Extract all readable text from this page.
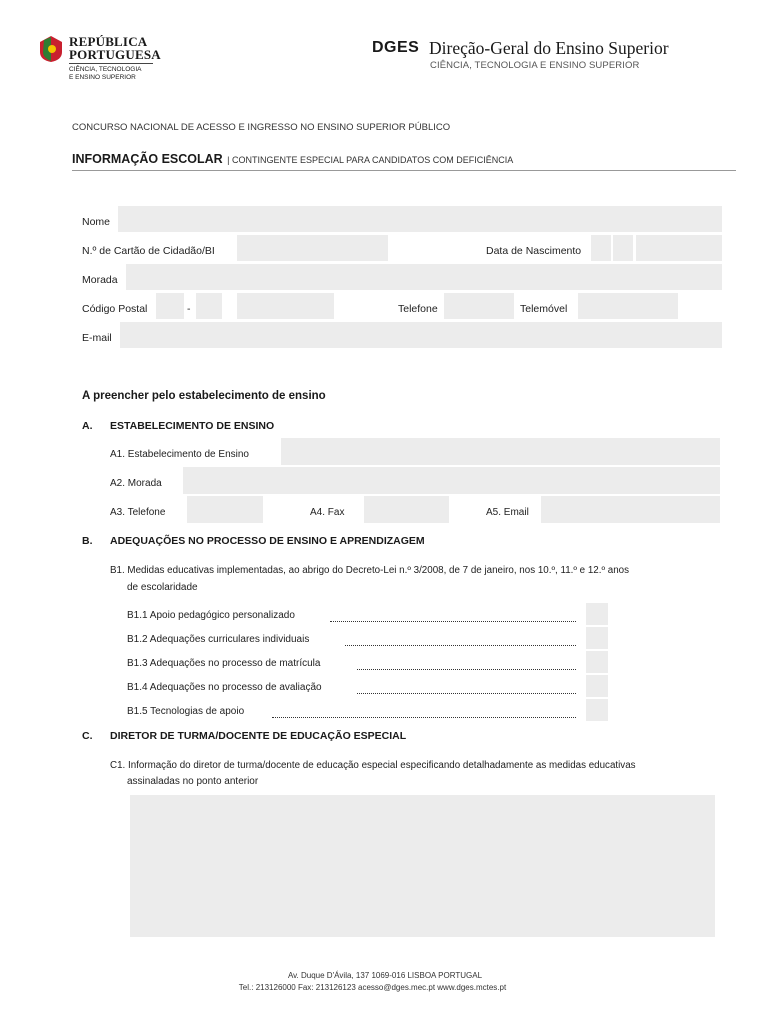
REPÚBLICA
PORTUGUESA
CIÊNCIA, TECNOLOGIA
E ENSINO SUPERIOR
DGES Direção-Geral do Ensino Superior
CIÊNCIA, TECNOLOGIA E ENSINO SUPERIOR
CONCURSO NACIONAL DE ACESSO E INGRESSO NO ENSINO SUPERIOR PÚBLICO
INFORMAÇÃO ESCOLAR | CONTINGENTE ESPECIAL PARA CANDIDATOS COM DEFICIÊNCIA
Nome
N.º de Cartão de Cidadão/BI	Data de Nascimento
Morada
Código Postal	-	Telefone	Telemóvel
E-mail
A preencher pelo estabelecimento de ensino
A. ESTABELECIMENTO DE ENSINO
A1. Estabelecimento de Ensino
A2. Morada
A3. Telefone	A4. Fax	A5. Email
B. ADEQUAÇÕES NO PROCESSO DE ENSINO E APRENDIZAGEM
B1. Medidas educativas implementadas, ao abrigo do Decreto-Lei n.º 3/2008, de 7 de janeiro, nos 10.º, 11.º e 12.º anos
de escolaridade
B1.1 Apoio pedagógico personalizado
B1.2 Adequações curriculares individuais
B1.3 Adequações no processo de matrícula
B1.4 Adequações no processo de avaliação
B1.5 Tecnologias de apoio
C. DIRETOR DE TURMA/DOCENTE DE EDUCAÇÃO ESPECIAL
C1. Informação do diretor de turma/docente de educação especial especificando detalhadamente as medidas educativas
assinaladas no ponto anterior
Av. Duque D'Ávila, 137 1069-016 LISBOA PORTUGAL
Tel.: 213126000 Fax: 213126123 acesso@dges.mec.pt www.dges.mctes.pt
